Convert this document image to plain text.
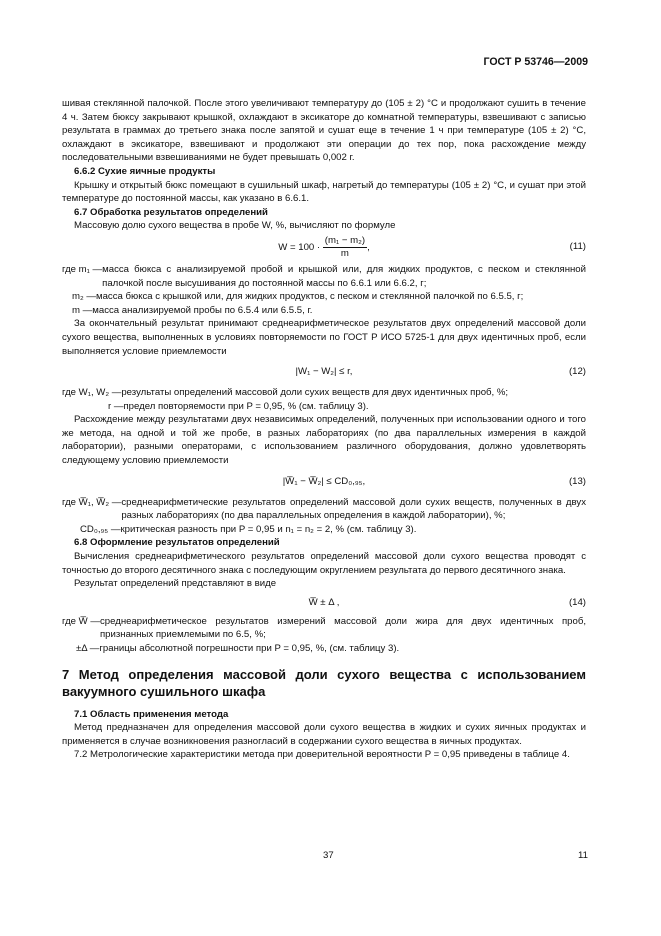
ГОСТ Р 53746—2009

шивая стеклянной палочкой. После этого увеличивают температуру до (105 ± 2) °C и продолжают сушить в течение 4 ч. Затем бюксу закрывают крышкой, охлаждают в эксикаторе до комнатной температуры, взвешивают с записью результата в граммах до третьего знака после запятой и сушат еще в течение 1 ч при температуре (105 ± 2) °C, охлаждают в эксикаторе, взвешивают и продолжают эти операции до тех пор, пока расхождение между последовательными взвешиваниями не будет превышать 0,002 г.

6.6.2 Сухие яичные продукты

Крышку и открытый бюкс помещают в сушильный шкаф, нагретый до температуры (105 ± 2) °C, и сушат при этой температуре до постоянной массы, как указано в 6.6.1.

6.7 Обработка результатов определений

Массовую долю сухого вещества в пробе W, %, вычисляют по формуле

$W = 100 \cdot \frac{\text{(m₁ − m₂)}}{m}$ ,	(11)
где m₁ — масса бюкса с анализируемой пробой и крышкой или, для жидких продуктов, с песком и стеклянной палочкой после высушивания до постоянной массы по 6.6.1 или 6.6.2, г;
m₂ — масса бюкса с крышкой или, для жидких продуктов, с песком и стеклянной палочкой по 6.5.5, г;
m — масса анализируемой пробы по 6.5.4 или 6.5.5, г.

За окончательный результат принимают среднеарифметическое результатов двух определений массовой доли сухого вещества, выполненных в условиях повторяемости по ГОСТ Р ИСО 5725-1 для двух идентичных проб, если выполняется условие приемлемости

|W₁ − W₂| ≤ r,	(12)
где W₁, W₂ — результаты определений массовой доли сухих веществ для двух идентичных проб, %;
r — предел повторяемости при P = 0,95, % (см. таблицу 3).

Расхождение между результатами двух независимых определений, полученных при использовании одного и того же метода, на одной и той же пробе, в разных лабораториях (по два параллельных измерения в каждой лаборатории), разными операторами, с использованием различного оборудования, должно удовлетворять следующему условию приемлемости

|W̅₁ − W̅₂| ≤ CD₀,₉₅,	(13)
где W̅₁, W̅₂ — среднеарифметические результатов определений массовой доли сухих веществ, полученных в двух разных лабораториях (по два параллельных определения в каждой лаборатории), %;
CD₀,₉₅ — критическая разность при P = 0,95 и n₁ = n₂ = 2, % (см. таблицу 3).

6.8 Оформление результатов определений

Вычисления среднеарифметического результатов определений массовой доли сухого вещества проводят с точностью до второго десятичного знака с последующим округлением результата до первого десятичного знака.

Результат определений представляют в виде

W̅ ± Δ ,	(14)
где W̅ — среднеарифметическое результатов измерений массовой доли жира для двух идентичных проб, признанных приемлемыми по 6.5, %;
±Δ — границы абсолютной погрешности при P = 0,95, %, (см. таблицу 3).

7 Метод определения массовой доли сухого вещества с использованием вакуумного сушильного шкафа

7.1 Область применения метода

Метод предназначен для определения массовой доли сухого вещества в жидких и сухих яичных продуктах и применяется в случае возникновения разногласий в содержании сухого вещества в яичных продуктах.

7.2 Метрологические характеристики метода при доверительной вероятности P = 0,95 приведены в таблице 4.

37	11
